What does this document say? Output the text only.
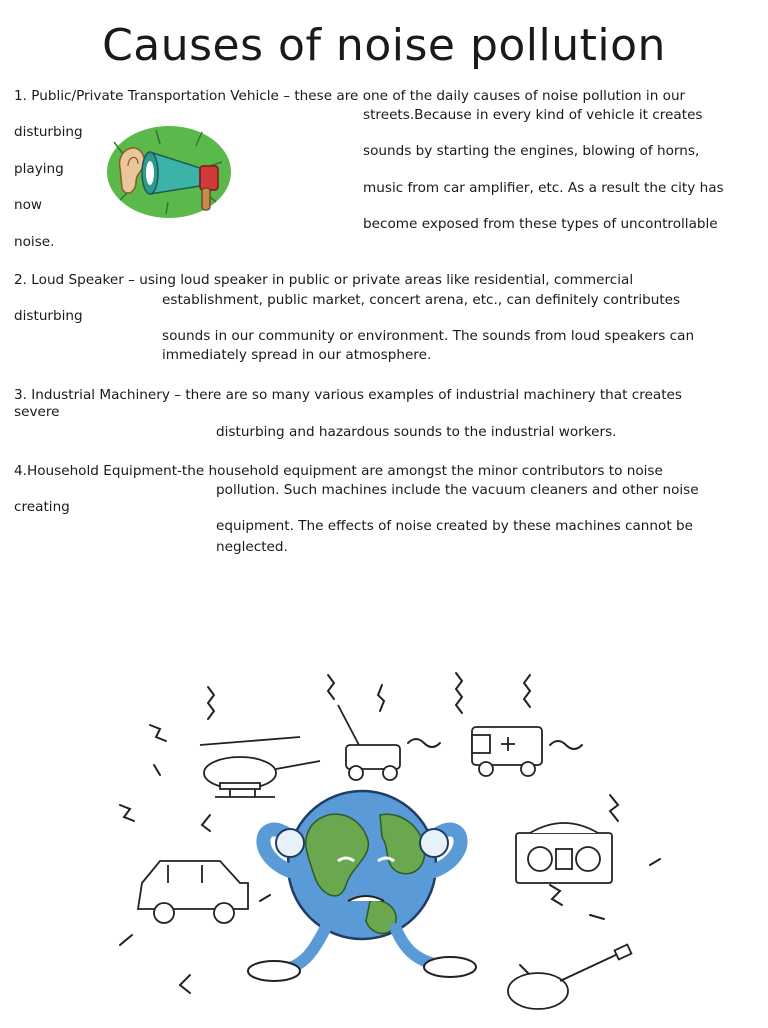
Causes of noise pollution
1. Public/Private Transportation Vehicle – these are one of the daily causes of noise pollution in our
streets.Because in every kind of vehicle it creates
disturbing
sounds by starting the engines, blowing of horns,
playing
music from car amplifier, etc. As a result the city has
now
become exposed from these types of uncontrollable
noise.
2. Loud Speaker – using loud speaker in public or private areas like residential, commercial
establishment, public market, concert arena, etc., can definitely contributes
disturbing
sounds in our community or environment. The sounds from loud speakers can
immediately spread in our atmosphere.
3. Industrial Machinery – there are so many various examples of industrial machinery that creates
severe
disturbing and hazardous sounds to the industrial workers.
4.Household Equipment-the household equipment are amongst the minor contributors to noise
pollution. Such machines include the vacuum cleaners and other noise
creating
equipment. The effects of noise created by these machines cannot be
neglected.
